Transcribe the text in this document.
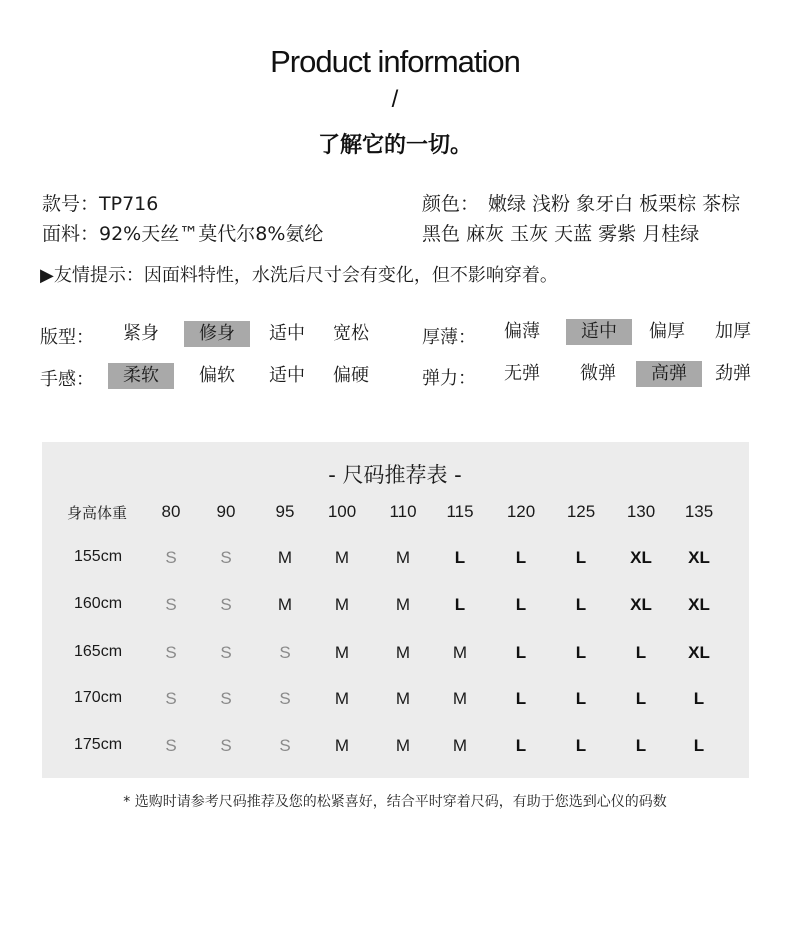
Product information
/
了解它的一切。
款号：TP716
面料：92%天丝™莫代尔8%氨纶
颜色： 嫩绿 浅粉 象牙白 板栗棕 茶棕
黑色 麻灰 玉灰 天蓝 雾紫 月桂绿
▶友情提示：因面料特性，水洗后尺寸会有变化，但不影响穿着。
版型：	紧身	修身	适中	宽松	厚薄：	偏薄	适中	偏厚	加厚
手感：	柔软	偏软	适中	偏硬	弹力：	无弹	微弹	高弹	劲弹
- 尺码推荐表 -
身高体重	80	90	95	100	110	115	120	125	130	135
155cm	S	S	M	M	M	L	L	L	XL	XL
160cm	S	S	M	M	M	L	L	L	XL	XL
165cm	S	S	S	M	M	M	L	L	L	XL
170cm	S	S	S	M	M	M	L	L	L	L
175cm	S	S	S	M	M	M	L	L	L	L
* 选购时请参考尺码推荐及您的松紧喜好，结合平时穿着尺码，有助于您选到心仪的码数
